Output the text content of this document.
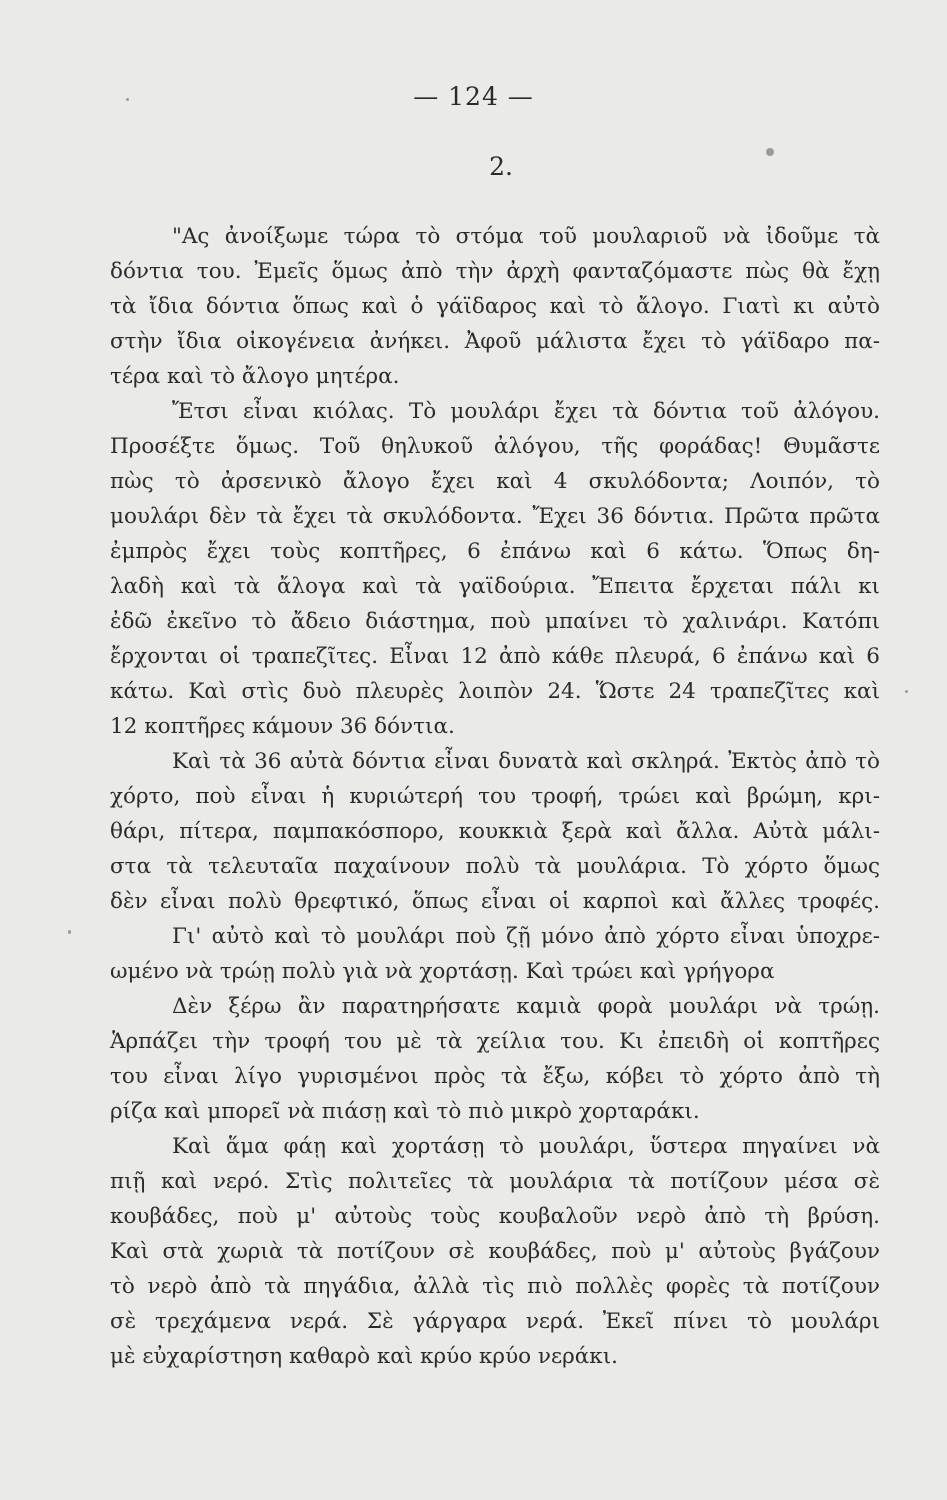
— 124 —
2.
"Ας ἀνοίξωμε τώρα τὸ στόμα τοῦ μουλαριοῦ νὰ ἰδοῦμε τὰ
δόντια του. Ἐμεῖς ὅμως ἀπὸ τὴν ἀρχὴ φανταζόμαστε πὼς θὰ ἔχῃ
τὰ ἴδια δόντια ὅπως καὶ ὁ γάϊδαρος καὶ τὸ ἄλογο. Γιατὶ κι αὐτὸ
στὴν ἴδια οἰκογένεια ἀνήκει. Ἀφοῦ μάλιστα ἔχει τὸ γάϊδαρο πα-
τέρα καὶ τὸ ἄλογο μητέρα.
Ἔτσι εἶναι κιόλας. Τὸ μουλάρι ἔχει τὰ δόντια τοῦ ἀλόγου.
Προσέξτε ὅμως. Τοῦ θηλυκοῦ ἀλόγου, τῆς φοράδας! Θυμᾶστε
πὼς τὸ ἀρσενικὸ ἄλογο ἔχει καὶ 4 σκυλόδοντα; Λοιπόν, τὸ
μουλάρι δὲν τὰ ἔχει τὰ σκυλόδοντα. Ἔχει 36 δόντια. Πρῶτα πρῶτα
ἐμπρὸς ἔχει τοὺς κοπτῆρες, 6 ἐπάνω καὶ 6 κάτω. Ὅπως δη-
λαδὴ καὶ τὰ ἄλογα καὶ τὰ γαϊδούρια. Ἔπειτα ἔρχεται πάλι κι
ἐδῶ ἐκεῖνο τὸ ἄδειο διάστημα, ποὺ μπαίνει τὸ χαλινάρι. Κατόπι
ἔρχονται οἱ τραπεζῖτες. Εἶναι 12 ἀπὸ κάθε πλευρά, 6 ἐπάνω καὶ 6
κάτω. Καὶ στὶς δυὸ πλευρὲς λοιπὸν 24. Ὥστε 24 τραπεζῖτες καὶ
12 κοπτῆρες κάμουν 36 δόντια.
Καὶ τὰ 36 αὐτὰ δόντια εἶναι δυνατὰ καὶ σκληρά. Ἐκτὸς ἀπὸ τὸ
χόρτο, ποὺ εἶναι ἡ κυριώτερή του τροφή, τρώει καὶ βρώμη, κρι-
θάρι, πίτερα, παμπακόσπορο, κουκκιὰ ξερὰ καὶ ἄλλα. Αὐτὰ μάλι-
στα τὰ τελευταῖα παχαίνουν πολὺ τὰ μουλάρια. Τὸ χόρτο ὅμως
δὲν εἶναι πολὺ θρεφτικό, ὅπως εἶναι οἱ καρποὶ καὶ ἄλλες τροφές.
Γι' αὐτὸ καὶ τὸ μουλάρι ποὺ ζῇ μόνο ἀπὸ χόρτο εἶναι ὑποχρε-
ωμένο νὰ τρώῃ πολὺ γιὰ νὰ χορτάσῃ. Καὶ τρώει καὶ γρήγορα
Δὲν ξέρω ἂν παρατηρήσατε καμιὰ φορὰ μουλάρι νὰ τρώῃ.
Ἁρπάζει τὴν τροφή του μὲ τὰ χείλια του. Κι ἐπειδὴ οἱ κοπτῆρες
του εἶναι λίγο γυρισμένοι πρὸς τὰ ἔξω, κόβει τὸ χόρτο ἀπὸ τὴ
ρίζα καὶ μπορεῖ νὰ πιάσῃ καὶ τὸ πιὸ μικρὸ χορταράκι.
Καὶ ἅμα φάῃ καὶ χορτάσῃ τὸ μουλάρι, ὕστερα πηγαίνει νὰ
πιῇ καὶ νερό. Στὶς πολιτεῖες τὰ μουλάρια τὰ ποτίζουν μέσα σὲ
κουβάδες, ποὺ μ' αὐτοὺς τοὺς κουβαλοῦν νερὸ ἀπὸ τὴ βρύση.
Καὶ στὰ χωριὰ τὰ ποτίζουν σὲ κουβάδες, ποὺ μ' αὐτοὺς βγάζουν
τὸ νερὸ ἀπὸ τὰ πηγάδια, ἀλλὰ τὶς πιὸ πολλὲς φορὲς τὰ ποτίζουν
σὲ τρεχάμενα νερά. Σὲ γάργαρα νερά. Ἐκεῖ πίνει τὸ μουλάρι
μὲ εὐχαρίστηση καθαρὸ καὶ κρύο κρύο νεράκι.
